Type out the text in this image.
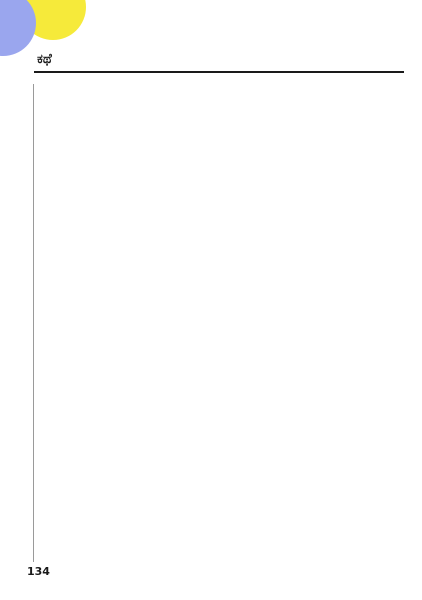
ಕಥೆ
134
